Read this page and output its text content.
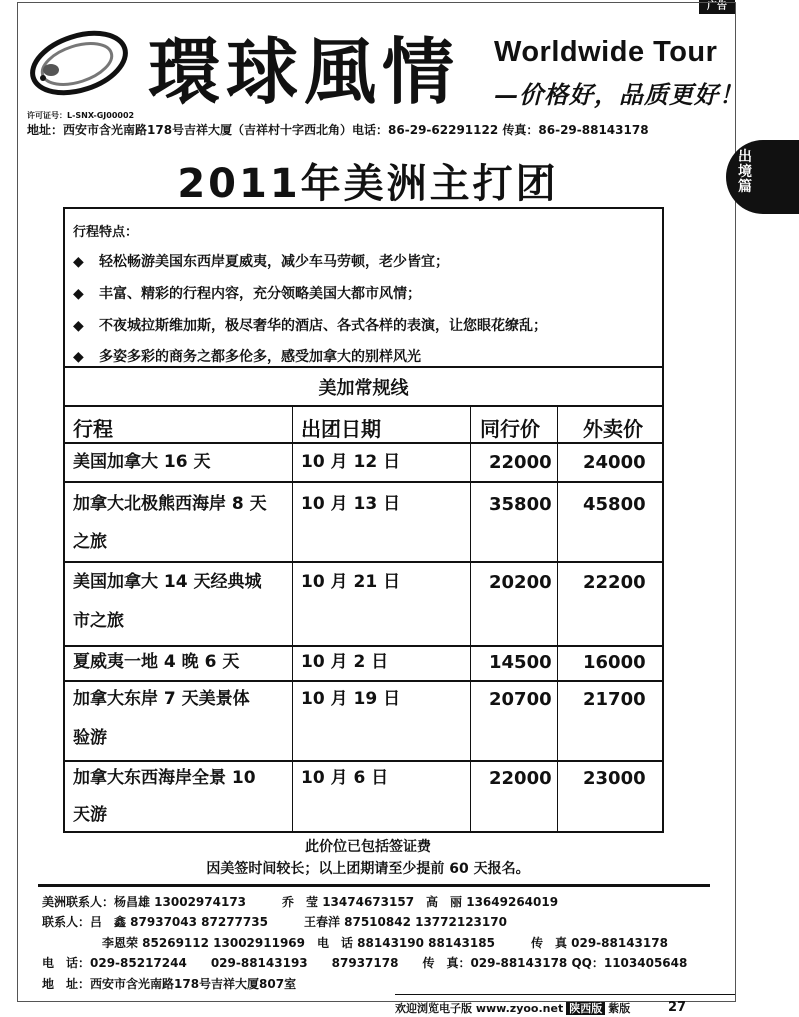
广告
環球風情 Worldwide Tour
—价格好，品质更好！
许可证号：L-SNX-GJ00002
地址：西安市含光南路178号吉祥大厦（吉祥村十字西北角）电话：86-29-62291122 传真：86-29-88143178
出境篇
2011年美洲主打团
行程特点：
◆ 轻松畅游美国东西岸夏威夷，减少车马劳顿，老少皆宜；
◆ 丰富、精彩的行程内容，充分领略美国大都市风情；
◆ 不夜城拉斯维加斯，极尽奢华的酒店、各式各样的表演，让您眼花缭乱；
◆ 多姿多彩的商务之都多伦多，感受加拿大的别样风光
美加常规线
行程	出团日期	同行价 外卖价
美国加拿大 16 天	10 月 12 日	22000 24000
加拿大北极熊西海岸 8 天
之旅
10 月 13 日	35800 45800
美国加拿大 14 天经典城
市之旅
10 月 21 日	20200 22200
夏威夷一地 4 晚 6 天	10 月 2 日	14500 16000
加拿大东岸 7 天美景体
验游
10 月 19 日	20700 21700
加拿大东西海岸全景 10
天游
10 月 6 日	22000 23000
此价位已包括签证费
因美签时间较长；以上团期请至少提前 60 天报名。
美洲联系人：杨昌雄 13002974173　　　乔　莹 13474673157　高　丽 13649264019
联系人：吕　鑫 87937043 87277735　　　王春洋 87510842 13772123170
　　　　　李恩荣 85269112 13002911969　电　话 88143190 88143185　　　传　真 029-88143178
电　话：029-85217244　　029-88143193　　87937178　　传　真：029-88143178 QQ：1103405648
地　址：西安市含光南路178号吉祥大厦807室
欢迎浏览电子版 www.zyoo.net 陕西版 紫版	27
